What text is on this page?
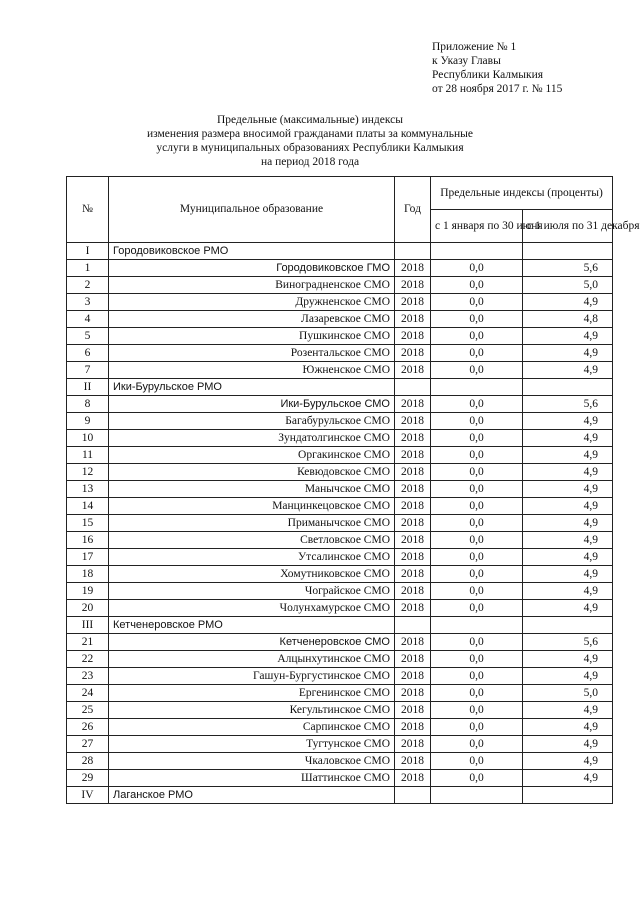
Приложение № 1
к Указу Главы
Республики Калмыкия
от 28 ноября 2017 г. № 115
Предельные (максимальные) индексы
изменения размера вносимой гражданами платы за коммунальные
услуги в муниципальных образованиях Республики Калмыкия
на период 2018 года
№	Муниципальное образование	Год	Предельные индексы (проценты)	
			с 1 января по 30 июня	с 1 июля по 31 декабря
I	Городовиковское РМО			
1	Городовиковское ГМО	2018	0,0	5,6
2	Виноградненское СМО	2018	0,0	5,0
3	Дружненское СМО	2018	0,0	4,9
4	Лазаревское СМО	2018	0,0	4,8
5	Пушкинское СМО	2018	0,0	4,9
6	Розентальское СМО	2018	0,0	4,9
7	Южненское СМО	2018	0,0	4,9
II	Ики-Бурульское РМО			
8	Ики-Бурульское СМО	2018	0,0	5,6
9	Багабурульское СМО	2018	0,0	4,9
10	Зундатолгинское СМО	2018	0,0	4,9
11	Оргакинское СМО	2018	0,0	4,9
12	Кевюдовское СМО	2018	0,0	4,9
13	Манычское СМО	2018	0,0	4,9
14	Манцинкецовское СМО	2018	0,0	4,9
15	Приманычское СМО	2018	0,0	4,9
16	Светловское СМО	2018	0,0	4,9
17	Утсалинское СМО	2018	0,0	4,9
18	Хомутниковское СМО	2018	0,0	4,9
19	Чограйское СМО	2018	0,0	4,9
20	Чолунхамурское СМО	2018	0,0	4,9
III	Кетченеровское РМО			
21	Кетченеровское СМО	2018	0,0	5,6
22	Алцынхутинское СМО	2018	0,0	4,9
23	Гашун-Бургустинское СМО	2018	0,0	4,9
24	Ергенинское СМО	2018	0,0	5,0
25	Кегультинское СМО	2018	0,0	4,9
26	Сарпинское СМО	2018	0,0	4,9
27	Тугтунское СМО	2018	0,0	4,9
28	Чкаловское СМО	2018	0,0	4,9
29	Шаттинское СМО	2018	0,0	4,9
IV	Лаганское РМО			
